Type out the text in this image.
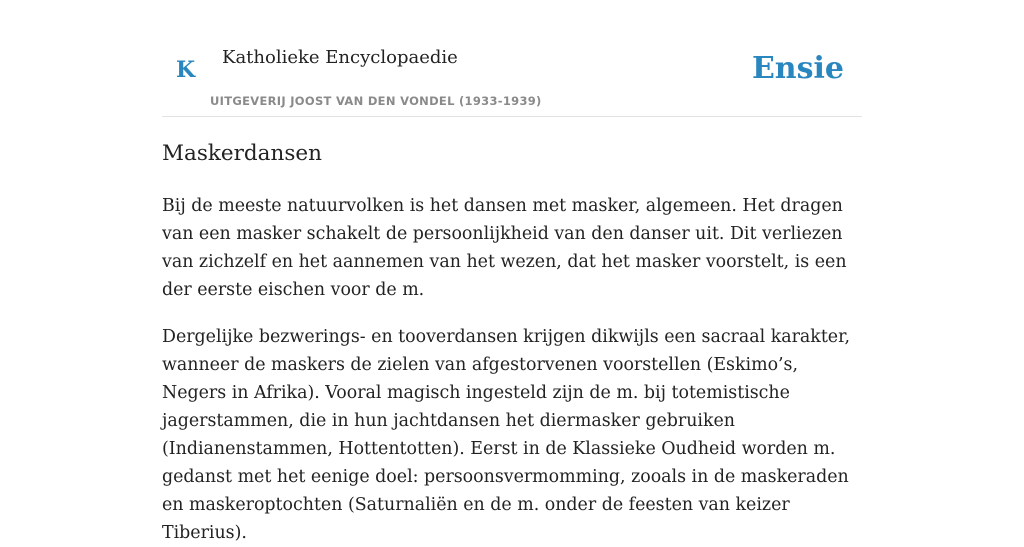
K Katholieke Encyclopaedie
UITGEVERIJ JOOST VAN DEN VONDEL (1933-1939)
Ensie
Maskerdansen

Bij de meeste natuurvolken is het dansen met masker, algemeen. Het dragen van een masker schakelt de persoonlijkheid van den danser uit. Dit verliezen van zichzelf en het aannemen van het wezen, dat het masker voorstelt, is een der eerste eischen voor de m.

Dergelijke bezwerings- en tooverdansen krijgen dikwijls een sacraal karakter, wanneer de maskers de zielen van afgestorvenen voorstellen (Eskimo’s, Negers in Afrika). Vooral magisch ingesteld zijn de m. bij totemistische jagerstammen, die in hun jachtdansen het diermasker gebruiken (Indianenstammen, Hottentotten). Eerst in de Klassieke Oudheid worden m. gedanst met het eenige doel: persoonsvermomming, zooals in de maskeraden en maskeroptochten (Saturnaliën en de m. onder de feesten van keizer Tiberius).
